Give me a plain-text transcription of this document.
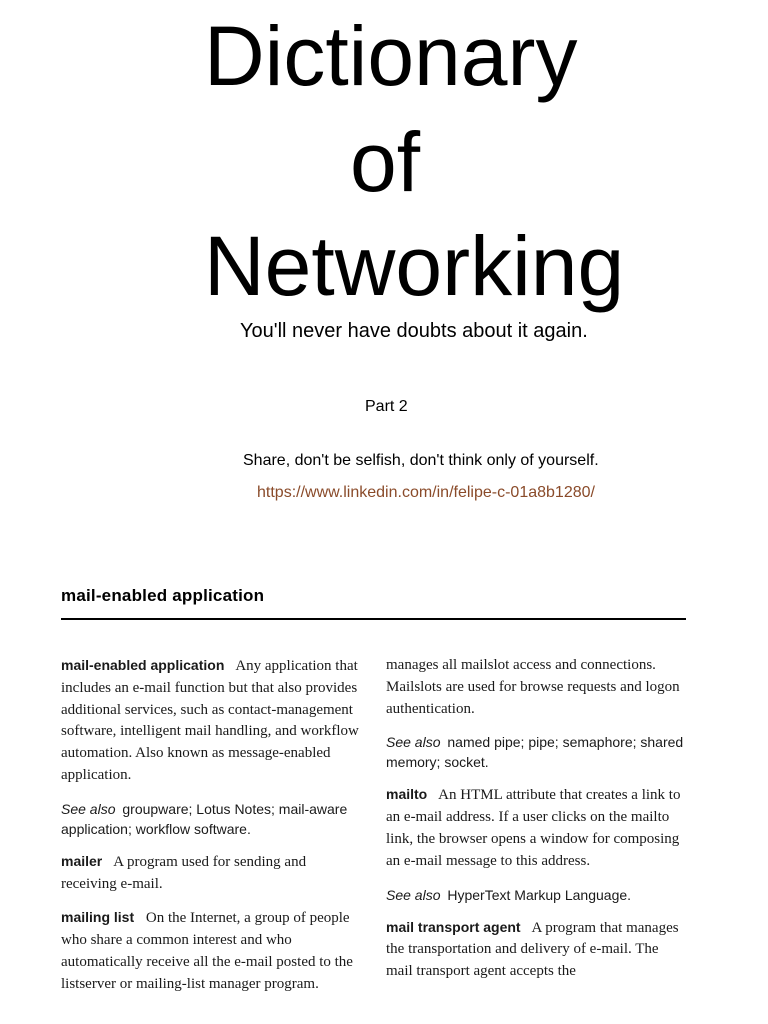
Dictionary
of
Networking
You'll never have doubts about it again.
Part 2
Share, don't be selfish, don't think only of yourself.
https://www.linkedin.com/in/felipe-c-01a8b1280/
mail-enabled application

mail-enabled application Any application that includes an e-mail function but that also provides additional services, such as contact-management software, intelligent mail handling, and workflow automation. Also known as message-enabled application.

See also groupware; Lotus Notes; mail-aware application; workflow software.

mailer A program used for sending and receiving e-mail.

mailing list On the Internet, a group of people who share a common interest and who automatically receive all the e-mail posted to the listserver or mailing-list manager program.

manages all mailslot access and connections. Mailslots are used for browse requests and logon authentication.

See also named pipe; pipe; semaphore; shared memory; socket.

mailto An HTML attribute that creates a link to an e-mail address. If a user clicks on the mailto link, the browser opens a window for composing an e-mail message to this address.

See also HyperText Markup Language.

mail transport agent A program that manages the transportation and delivery of e-mail. The mail transport agent accepts the
